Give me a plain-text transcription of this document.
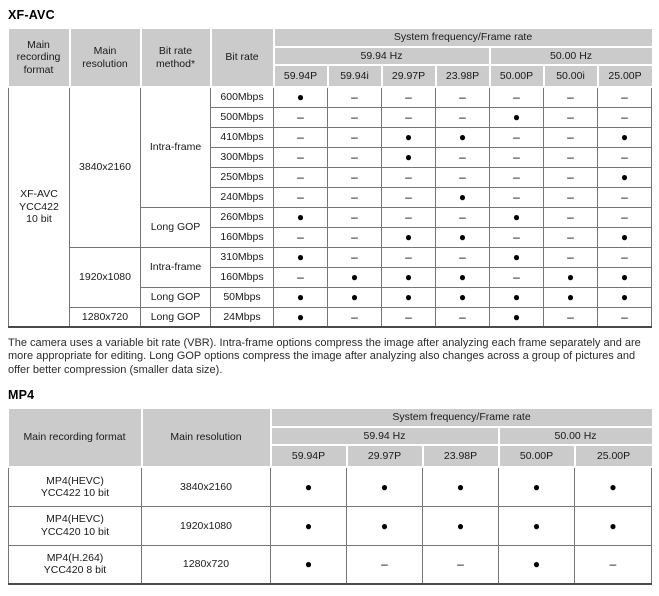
XF-AVC
Main recording format	Main resolution	Bit rate method*	Bit rate	System frequency/Frame rate						
				59.94 Hz				50.00 Hz		
				59.94P	59.94i	29.97P	23.98P	50.00P	50.00i	25.00P

XF-AVC
YCC422
10 bit	3840x2160	Intra-frame	600Mbps	●	–	–	–	–	–	–
			500Mbps	–	–	–	–	●	–	–
			410Mbps	–	–	●	●	–	–	●
			300Mbps	–	–	●	–	–	–	–
			250Mbps	–	–	–	–	–	–	●
			240Mbps	–	–	–	●	–	–	–
		Long GOP	260Mbps	●	–	–	–	●	–	–
			160Mbps	–	–	●	●	–	–	●
	1920x1080	Intra-frame	310Mbps	●	–	–	–	●	–	–
			160Mbps	–	●	●	●	–	●	●
		Long GOP	50Mbps	●	●	●	●	●	●	●
	1280x720	Long GOP	24Mbps	●	–	–	–	●	–	–

The camera uses a variable bit rate (VBR). Intra-frame options compress the image after analyzing each frame separately and are more appropriate for editing. Long GOP options compress the image after analyzing also changes across a group of pictures and offer better compression (smaller data size).

MP4
Main recording format	Main resolution	System frequency/Frame rate				
		59.94 Hz			50.00 Hz	
		59.94P	29.97P	23.98P	50.00P	25.00P

MP4(HEVC)
YCC422 10 bit	3840x2160	●	●	●	●	●

MP4(HEVC)
YCC420 10 bit	1920x1080	●	●	●	●	●

MP4(H.264)
YCC420 8 bit	1280x720	●	–	–	●	–
